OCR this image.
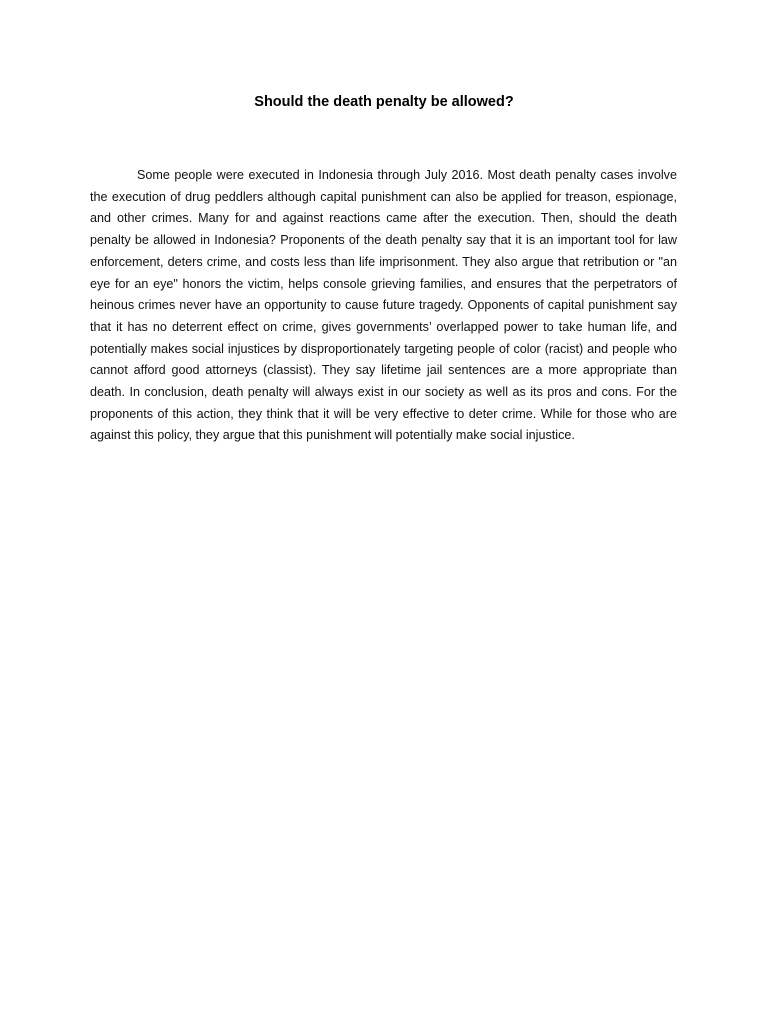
Should the death penalty be allowed?

Some people were executed in Indonesia through July 2016. Most death penalty cases involve the execution of drug peddlers although capital punishment can also be applied for treason, espionage, and other crimes. Many for and against reactions came after the execution. Then, should the death penalty be allowed in Indonesia? Proponents of the death penalty say that it is an important tool for law enforcement, deters crime, and costs less than life imprisonment. They also argue that retribution or "an eye for an eye" honors the victim, helps console grieving families, and ensures that the perpetrators of heinous crimes never have an opportunity to cause future tragedy. Opponents of capital punishment say that it has no deterrent effect on crime, gives governments’ overlapped power to take human life, and potentially makes social injustices by disproportionately targeting people of color (racist) and people who cannot afford good attorneys (classist). They say lifetime jail sentences are a more appropriate than death. In conclusion, death penalty will always exist in our society as well as its pros and cons. For the proponents of this action, they think that it will be very effective to deter crime. While for those who are against this policy, they argue that this punishment will potentially make social injustice.
